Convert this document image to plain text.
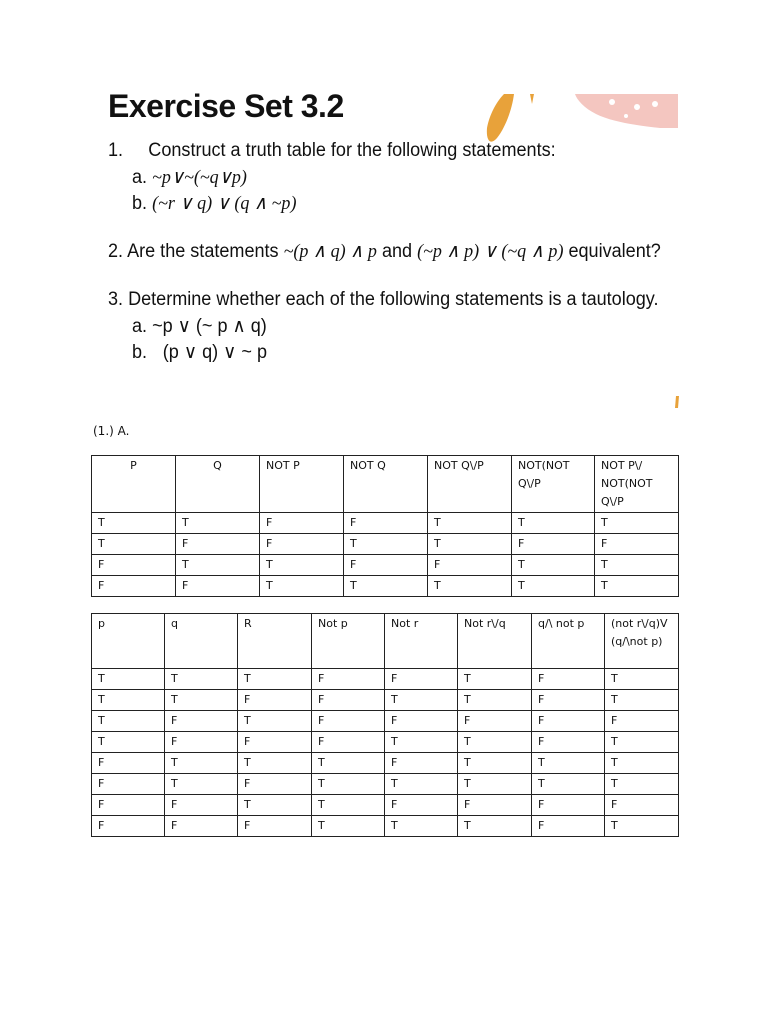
Exercise Set 3.2
1. Construct a truth table for the following statements:
a. ~p∨~(~q∨p)
b. (~r ∨ q) ∨ (q ∧ ~p)
2. Are the statements ~(p ∧ q) ∧ p and (~p ∧ p) ∨ (~q ∧ p) equivalent?
3. Determine whether each of the following statements is a tautology.
a. ~p ∨ (~ p ∧ q)
b. (p ∨ q) ∨ ~ p
(1.) A.
P	Q	NOT P	NOT Q	NOT Q\/P	NOT(NOT Q\/P	NOT P\/ NOT(NOT Q\/P
T	T	F	F	T	T	T
T	F	F	T	T	F	F
F	T	T	F	F	T	T
F	F	T	T	T	T	T
p	q	R	Not p	Not r	Not r\/q	q/\ not p	(not r\/q)V (q/\not p)
T	T	T	F	F	T	F	T
T	T	F	F	T	T	F	T
T	F	T	F	F	F	F	F
T	F	F	F	T	T	F	T
F	T	T	T	F	T	T	T
F	T	F	T	T	T	T	T
F	F	T	T	F	F	F	F
F	F	F	T	T	T	F	T
